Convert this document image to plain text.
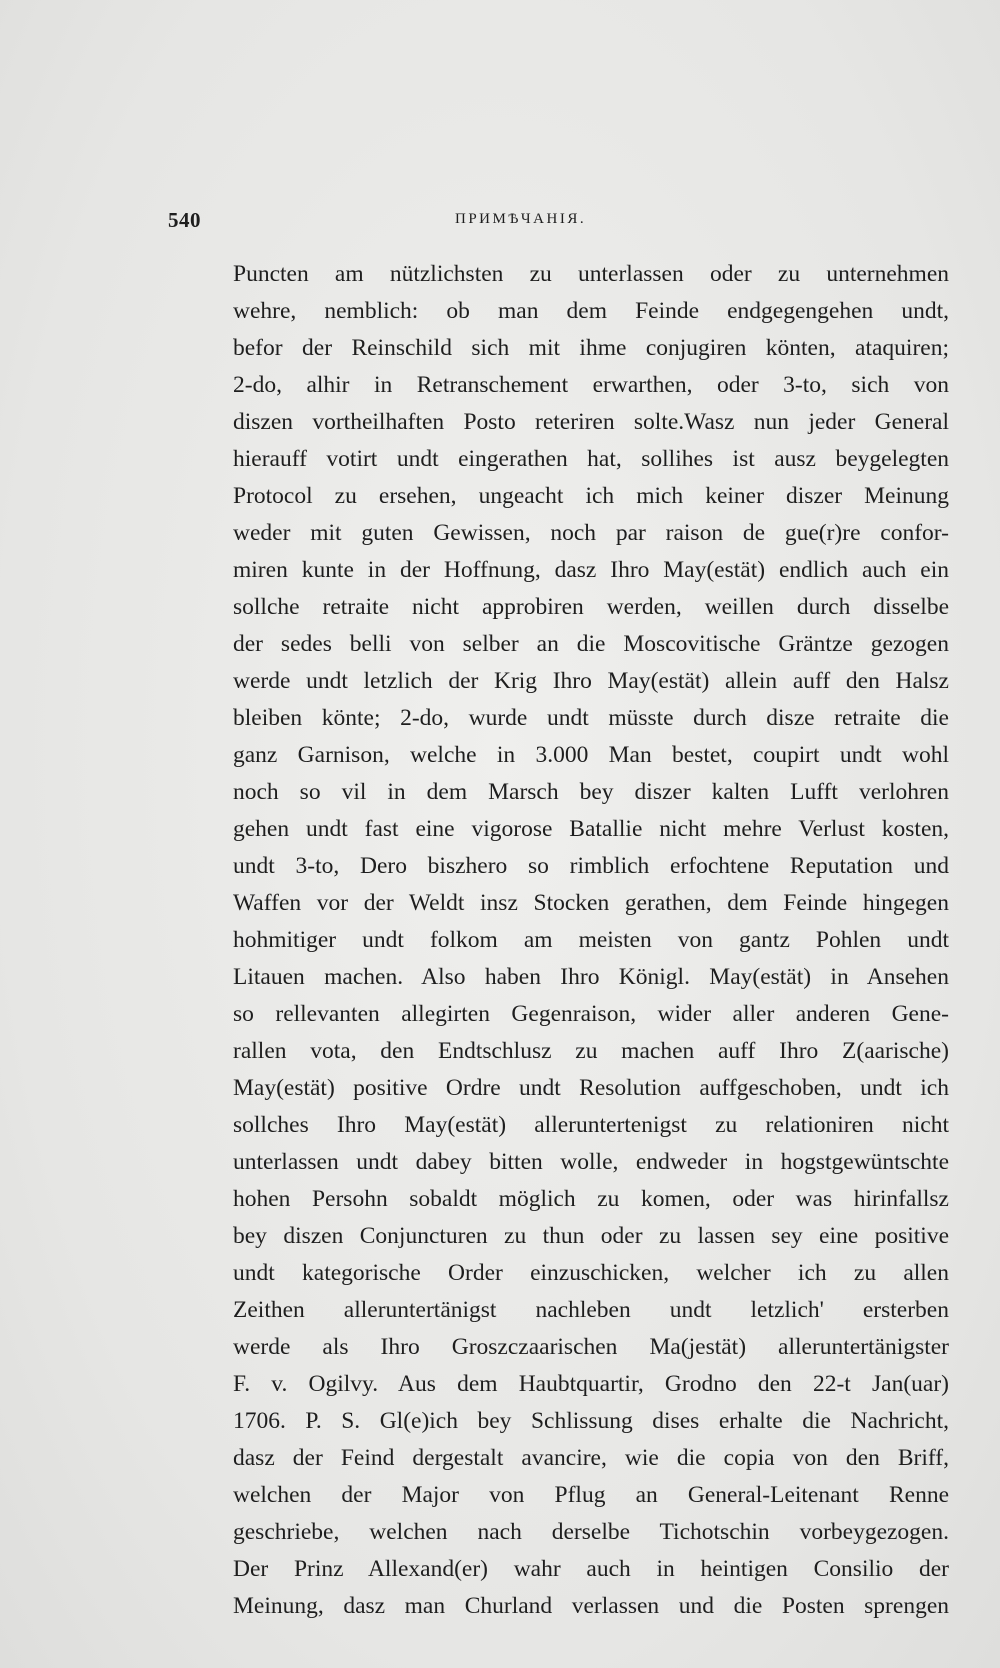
540	ПРИМѢЧАНІЯ.
Puncten am nützlichsten zu unterlassen oder zu unternehmen
wehre, nemblich: ob man dem Feinde endgegengehen undt,
befor der Reinschild sich mit ihme conjugiren könten, ataquiren;
2-do, alhir in Retranschement erwarthen, oder 3-to, sich von
diszen vortheilhaften Posto reteriren solte.Wasz nun jeder General
hierauff votirt undt eingerathen hat, sollihes ist ausz beygelegten
Protocol zu ersehen, ungeacht ich mich keiner diszer Meinung
weder mit guten Gewissen, noch par raison de gue(r)re confor-
miren kunte in der Hoffnung, dasz Ihro May(estät) endlich auch ein
sollche retraite nicht approbiren werden, weillen durch disselbe
der sedes belli von selber an die Moscovitische Gräntze gezogen
werde undt letzlich der Krig Ihro May(estät) allein auff den Halsz
bleiben könte; 2-do, wurde undt müsste durch disze retraite die
ganz Garnison, welche in 3.000 Man bestet, coupirt undt wohl
noch so vil in dem Marsch bey diszer kalten Lufft verlohren
gehen undt fast eine vigorose Batallie nicht mehre Verlust kosten,
undt 3-to, Dero biszhero so rimblich erfochtene Reputation und
Waffen vor der Weldt insz Stocken gerathen, dem Feinde hingegen
hohmitiger undt folkom am meisten von gantz Pohlen undt
Litauen machen. Also haben Ihro Königl. May(estät) in Ansehen
so rellevanten allegirten Gegenraison, wider aller anderen Gene-
rallen vota, den Endtschlusz zu machen auff Ihro Z(aarische)
May(estät) positive Ordre undt Resolution auffgeschoben, undt ich
sollches Ihro May(estät) alleruntertenigst zu relationiren nicht
unterlassen undt dabey bitten wolle, endweder in hogstgewüntschte
hohen Persohn sobaldt möglich zu komen, oder was hirinfallsz
bey diszen Conjuncturen zu thun oder zu lassen sey eine positive
undt kategorische Order einzuschicken, welcher ich zu allen
Zeithen alleruntertänigst nachleben undt letzlich' ersterben
werde als Ihro Groszczaarischen Ma(jestät) alleruntertänigster
F. v. Ogilvy. Aus dem Haubtquartir, Grodno den 22-t Jan(uar)
1706. P. S. Gl(e)ich bey Schlissung dises erhalte die Nachricht,
dasz der Feind dergestalt avancire, wie die copia von den Briff,
welchen der Major von Pflug an General-Leitenant Renne
geschriebe, welchen nach derselbe Tichotschin vorbeygezogen.
Der Prinz Allexand(er) wahr auch in heintigen Consilio der
Meinung, dasz man Churland verlassen und die Posten sprengen
